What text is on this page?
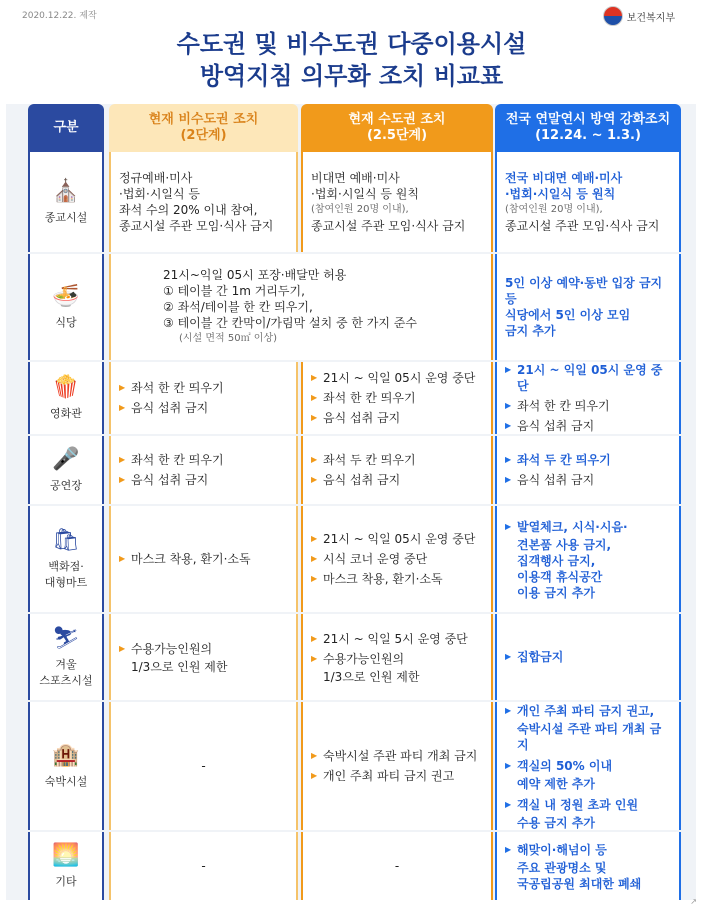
2020.12.22. 제작	보건복지부
수도권 및 비수도권 다중이용시설
방역지침 의무화 조치 비교표
구분
현재 비수도권 조치
(2단계)
현재 수도권 조치
(2.5단계)
전국 연말연시 방역 강화조치
(12.24. ~ 1.3.)
⛪
종교시설
정규예배·미사
·법회·시일식 등
좌석 수의 20% 이내 참여,
종교시설 주관 모임·식사 금지
비대면 예배·미사
·법회·시일식 등 원칙
(참여인원 20명 이내),
종교시설 주관 모임·식사 금지
전국 비대면 예배·미사
·법회·시일식 등 원칙
(참여인원 20명 이내),
종교시설 주관 모임·식사 금지
🍜
식당
21시~익일 05시 포장·배달만 허용
① 테이블 간 1m 거리두기,
② 좌석/테이블 한 칸 띄우기,
③ 테이블 간 칸막이/가림막 설치 중 한 가지 준수
(시설 면적 50㎡ 이상)
5인 이상 예약·동반 입장 금지 등
식당에서 5인 이상 모임
금지 추가
🍿
영화관
▶ 좌석 한 칸 띄우기
▶ 음식 섭취 금지
▶ 21시 ~ 익일 05시 운영 중단
▶ 좌석 한 칸 띄우기
▶ 음식 섭취 금지
▶ 21시 ~ 익일 05시 운영 중단
▶ 좌석 한 칸 띄우기
▶ 음식 섭취 금지
🎤
공연장
▶ 좌석 한 칸 띄우기
▶ 음식 섭취 금지
▶ 좌석 두 칸 띄우기
▶ 음식 섭취 금지
▶ 좌석 두 칸 띄우기
▶ 음식 섭취 금지
🛍
백화점·
대형마트
▶ 마스크 착용, 환기·소독
▶ 21시 ~ 익일 05시 운영 중단
▶ 시식 코너 운영 중단
▶ 마스크 착용, 환기·소독
▶ 발열체크, 시식·시음·
견본품 사용 금지,
집객행사 금지,
이용객 휴식공간
이용 금지 추가
⛷
겨울
스포츠시설
▶ 수용가능인원의
1/3으로 인원 제한
▶ 21시 ~ 익일 5시 운영 중단
▶ 수용가능인원의
1/3으로 인원 제한
▶ 집합금지
🏨
숙박시설
-
▶ 숙박시설 주관 파티 개최 금지
▶ 개인 주최 파티 금지 권고
▶ 개인 주최 파티 금지 권고,
숙박시설 주관 파티 개최 금지
▶ 객실의 50% 이내
예약 제한 추가
▶ 객실 내 정원 초과 인원
수용 금지 추가
🌅
기타
-	-
▶ 해맞이·해넘이 등
주요 관광명소 및
국공립공원 최대한 폐쇄
↗
